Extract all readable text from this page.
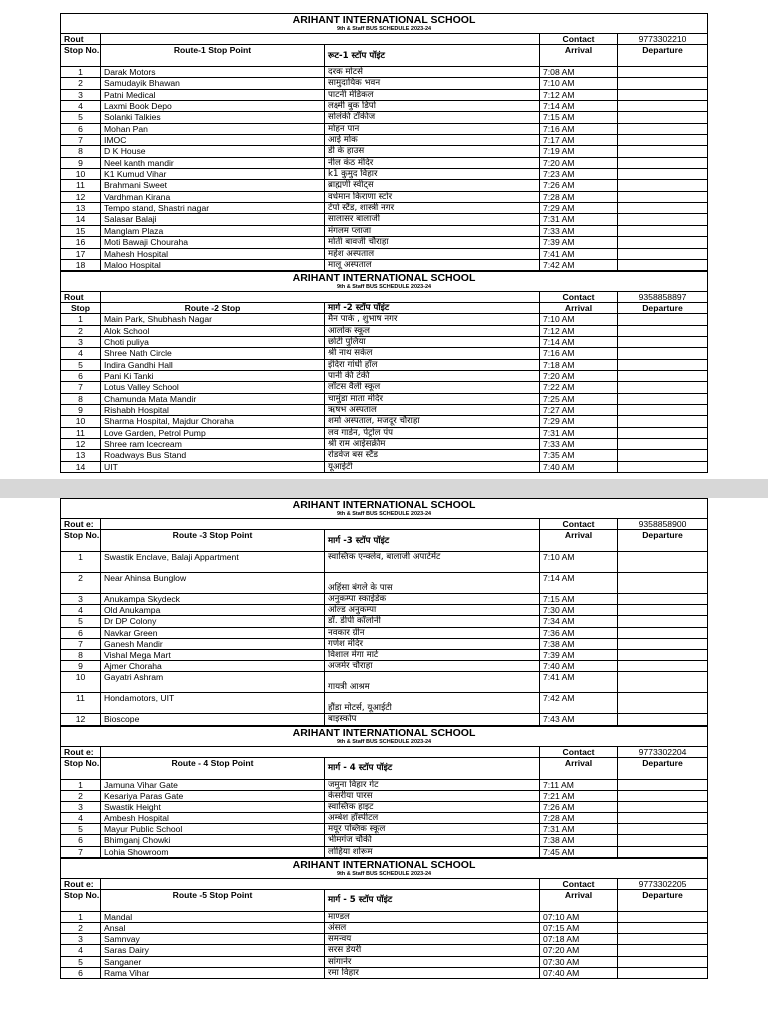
ARIHANT INTERNATIONAL SCHOOL
9th & Staff BUS SCHEDULE 2023-24				

Rout			Contact	9773302210
Stop No.	Route-1 Stop Point	रूट-1 स्टॉप पॉइंट	Arrival	Departure
1	Darak Motors	दरक मोटर्स	7:08 AM	
2	Samudayik Bhawan	सामुदायिक भवन	7:10 AM	
3	Patni Medical	पाटनी मेडिकल	7:12 AM	
4	Laxmi Book Depo	लक्ष्मी बुक डिपो	7:14 AM	
5	Solanki Talkies	सोलंकी टॉकीज	7:15 AM	
6	Mohan Pan	मोहन पान	7:16 AM	
7	IMOC	आई मोक	7:17 AM	
8	D K House	डी के हाउस	7:19 AM	
9	Neel kanth mandir	नील कंठ मंदिर	7:20 AM	
10	K1 Kumud Vihar	k1 कुमुद विहार	7:23 AM	
11	Brahmani Sweet	ब्राह्मणी स्वीट्स	7:26 AM	
12	Vardhman Kirana	वर्धमान किराणा स्टोर	7:28 AM	
13	Tempo stand, Shastri nagar	टेंपो स्टैंड, शास्त्री नगर	7:29 AM	
14	Salasar Balaji	सालासर बालाजी	7:31 AM	
15	Manglam Plaza	मंगलम प्लाजा	7:33 AM	
16	Moti Bawaji Chouraha	मोती बावजी चौराहा	7:39 AM	
17	Mahesh Hospital	महेश अस्पताल	7:41 AM	
18	Maloo Hospital	मालू अस्पताल	7:42 AM	
ARIHANT INTERNATIONAL SCHOOL
9th & Staff BUS SCHEDULE 2023-24				

Rout			Contact	9358858897
Stop	Route -2 Stop	मार्ग -2 स्टॉप पॉइंट	Arrival	Departure
1	Main Park, Shubhash Nagar	मैन पार्क , शुभाष नगर	7:10 AM	
2	Alok School	आलोक स्कूल	7:12 AM	
3	Choti puliya	छोटी पुलिया	7:14 AM	
4	Shree Nath Circle	श्री नाथ सर्कल	7:16 AM	
5	Indira Gandhi Hall	इंदिरा गांधी हॉल	7:18 AM	
6	Pani Ki Tanki	पानी की टंकी	7:20 AM	
7	Lotus Valley School	लॉटस वैली स्कूल	7:22 AM	
8	Chamunda Mata Mandir	चामुंडा माता मंदिर	7:25 AM	
9	Rishabh Hospital	ऋषभ अस्पताल	7:27 AM	
10	Sharma Hospital, Majdur Choraha	शर्मा अस्पताल, मजदूर चौराहा	7:29 AM	
11	Love Garden, Petrol Pump	लव गार्डन, पेट्रोल पंप	7:31 AM	
12	Shree ram Icecream	श्री राम आईसक्रीम	7:33 AM	
13	Roadways Bus Stand	रोडवेज बस स्टैंड	7:35 AM	
14	UIT	यूआईटी	7:40 AM	
ARIHANT INTERNATIONAL SCHOOL
9th & Staff BUS SCHEDULE 2023-24				

Rout e:			Contact	9358858900
Stop No.	Route -3 Stop Point	मार्ग -3 स्टॉप पॉइंट	Arrival	Departure
1	Swastik Enclave, Balaji Appartment	स्वास्तिक एन्क्लेव, बालाजी अपार्टमेंट	7:10 AM	
2	Near Ahinsa Bunglow	अहिंसा बंगले के पास	7:14 AM	
3	Anukampa Skydeck	अनुकम्पा स्काईडेक	7:15 AM	
4	Old Anukampa	ओल्ड अनुकम्पा	7:30 AM	
5	Dr DP Colony	डॉ. डीपी कॉलोनी	7:34 AM	
6	Navkar Green	नवकार ग्रीन	7:36 AM	
7	Ganesh Mandir	गणेश मंदिर	7:38 AM	
8	Vishal Mega Mart	विशाल मेगा मार्ट	7:39 AM	
9	Ajmer Choraha	अजमेर चौराहा	7:40 AM	
10	Gayatri Ashram	गायत्री आश्रम	7:41 AM	
11	Hondamotors, UIT	हौंडा मोटर्स, यूआईटी	7:42 AM	
12	Bioscope	बाइस्कोप	7:43 AM	
ARIHANT INTERNATIONAL SCHOOL
9th & Staff BUS SCHEDULE 2023-24				

Rout e:			Contact	9773302204
Stop No.	Route - 4 Stop Point	मार्ग - 4 स्टॉप पॉइंट	Arrival	Departure
1	Jamuna Vihar Gate	जमुना विहार गेट	7:11 AM	
2	Kesariya Paras Gate	केसरीया पारस	7:21 AM	
3	Swastik Height	स्वास्तिक हाइट	7:26 AM	
4	Ambesh Hospital	अम्बेश हॉस्पीटल	7:28 AM	
5	Mayur Public School	मयूर पब्लिक स्कूल	7:31 AM	
6	Bhimganj Chowki	भीमगंज चौकी	7:38 AM	
7	Lohia Showroom	लोहिया शोरूम	7:45 AM	
ARIHANT INTERNATIONAL SCHOOL
9th & Staff BUS SCHEDULE 2023-24				

Rout e:			Contact	9773302205
Stop No.	Route -5 Stop Point	मार्ग - 5 स्टॉप पॉइंट	Arrival	Departure
1	Mandal	माण्डल	07:10 AM	
2	Ansal	अंसल	07:15 AM	
3	Samnvay	समन्वय	07:18 AM	
4	Saras Dairy	सरस डेयरी	07:20 AM	
5	Sanganer	सांगानेर	07:30 AM	
6	Rama Vihar	रमा विहार	07:40 AM	
